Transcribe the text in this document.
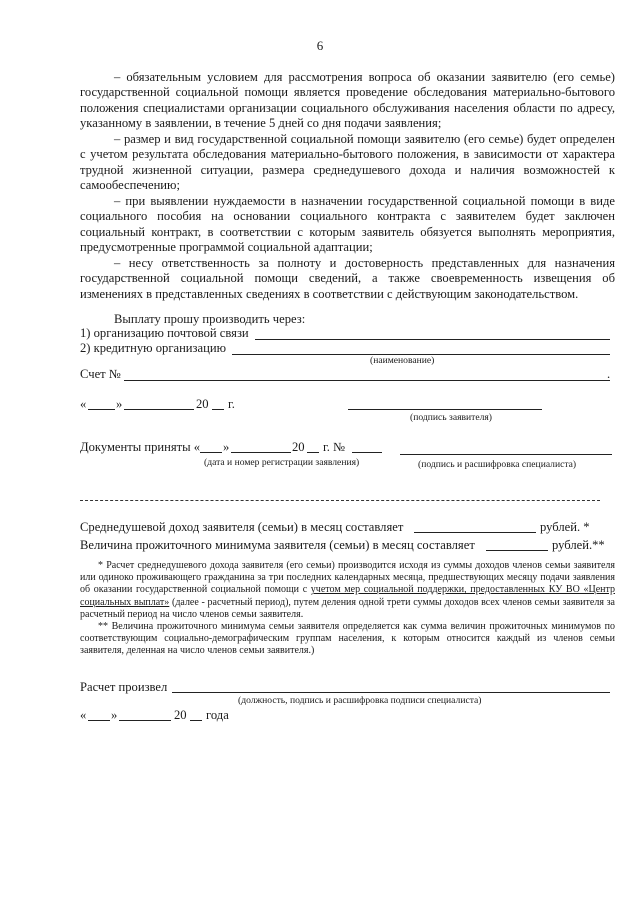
6
– обязательным условием для рассмотрения вопроса об оказании заявителю (его семье) государственной социальной помощи является проведение обследования материально-бытового положения специалистами организации социального обслуживания населения области по адресу, указанному в заявлении, в течение 5 дней со дня подачи заявления;
– размер и вид государственной социальной помощи заявителю (его семье) будет определен с учетом результата обследования материально-бытового положения, в зависимости от характера трудной жизненной ситуации, размера среднедушевого дохода и наличия возможностей к самообеспечению;
– при выявлении нуждаемости в назначении государственной социальной помощи в виде социального пособия на основании социального контракта с заявителем будет заключен социальный контракт, в соответствии с которым заявитель обязуется выполнять мероприятия, предусмотренные программой социальной адаптации;
– несу ответственность за полноту и достоверность представленных для назначения государственной социальной помощи сведений, а также своевременность извещения об изменениях в представленных сведениях в соответствии с действующим законодательством.
Выплату прошу производить через:
1) организацию почтовой связи
2) кредитную организацию
(наименование)
Счет №	.
« »	20 г.
(подпись заявителя)
Документы приняты « »	20 г. №
(дата и номер регистрации заявления)	(подпись и расшифровка специалиста)
Среднедушевой доход заявителя (семьи) в месяц составляет	рублей. *
Величина прожиточного минимума заявителя (семьи) в месяц составляет	рублей.**
* Расчет среднедушевого дохода заявителя (его семьи) производится исходя из суммы доходов членов семьи заявителя или одиноко проживающего гражданина за три последних календарных месяца, предшествующих месяцу подачи заявления об оказании государственной социальной помощи с учетом мер социальной поддержки, предоставленных КУ ВО «Центр социальных выплат» (далее - расчетный период), путем деления одной трети суммы доходов всех членов семьи заявителя за расчетный период на число членов семьи заявителя.
** Величина прожиточного минимума семьи заявителя определяется как сумма величин прожиточных минимумов по соответствующим социально-демографическим группам населения, к которым относится каждый из членов семьи заявителя, деленная на число членов семьи заявителя.)
Расчет произвел
(должность, подпись и расшифровка подписи специалиста)
« »	20 года
